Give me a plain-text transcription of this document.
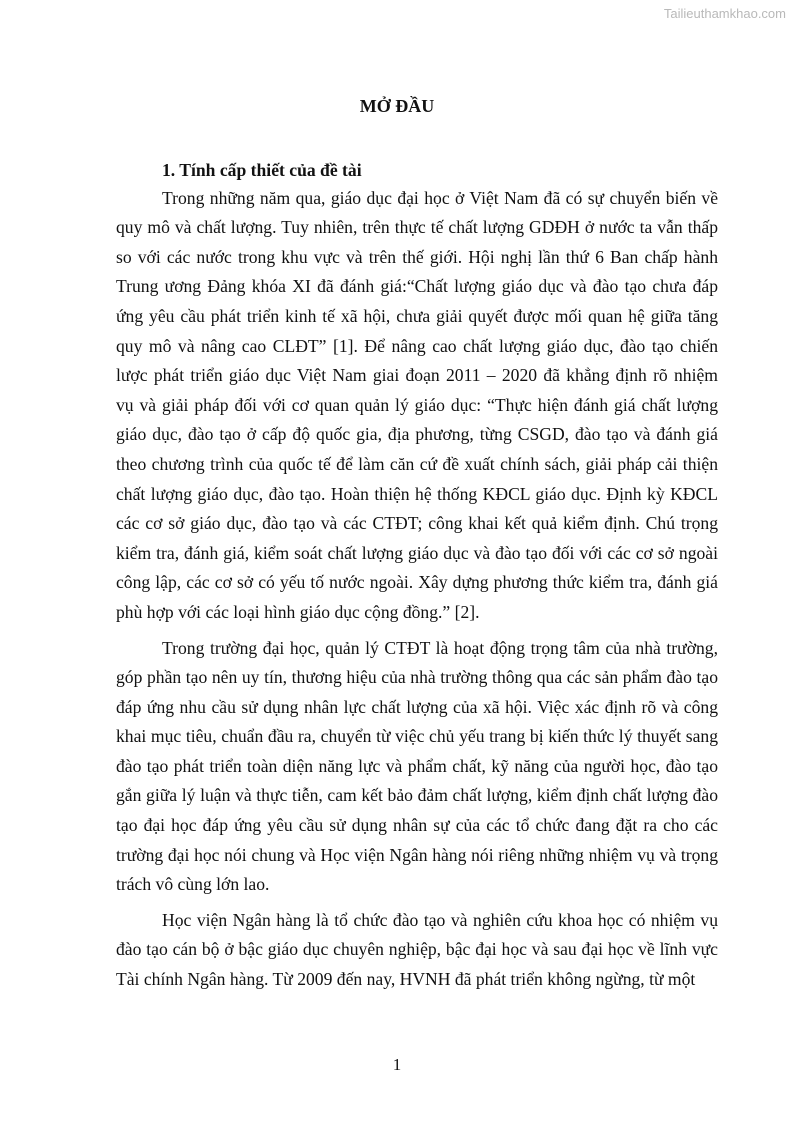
Tailieuthamkhao.com
MỞ ĐẦU
1. Tính cấp thiết của đề tài
Trong những năm qua, giáo dục đại học ở Việt Nam đã có sự chuyển biến về
quy mô và chất lượng. Tuy nhiên, trên thực tế chất lượng GDĐH ở nước ta vẫn thấp
so với các nước trong khu vực và trên thế giới. Hội nghị lần thứ 6 Ban chấp hành
Trung ương Đảng khóa XI đã đánh giá:“Chất lượng giáo dục và đào tạo chưa đáp
ứng yêu cầu phát triển kinh tế xã hội, chưa giải quyết được mối quan hệ giữa tăng
quy mô và nâng cao CLĐT” [1]. Để nâng cao chất lượng giáo dục, đào tạo chiến
lược phát triển giáo dục Việt Nam giai đoạn 2011 – 2020 đã khẳng định rõ nhiệm
vụ và giải pháp đối với cơ quan quản lý giáo dục: “Thực hiện đánh giá chất lượng
giáo dục, đào tạo ở cấp độ quốc gia, địa phương, từng CSGD, đào tạo và đánh giá
theo chương trình của quốc tế để làm căn cứ đề xuất chính sách, giải pháp cải thiện
chất lượng giáo dục, đào tạo. Hoàn thiện hệ thống KĐCL giáo dục. Định kỳ KĐCL
các cơ sở giáo dục, đào tạo và các CTĐT; công khai kết quả kiểm định. Chú trọng
kiểm tra, đánh giá, kiểm soát chất lượng giáo dục và đào tạo đối với các cơ sở ngoài
công lập, các cơ sở có yếu tố nước ngoài. Xây dựng phương thức kiểm tra, đánh giá
phù hợp với các loại hình giáo dục cộng đồng.” [2].
Trong trường đại học, quản lý CTĐT là hoạt động trọng tâm của nhà trường,
góp phần tạo nên uy tín, thương hiệu của nhà trường thông qua các sản phẩm đào tạo
đáp ứng nhu cầu sử dụng nhân lực chất lượng của xã hội. Việc xác định rõ và công
khai mục tiêu, chuẩn đầu ra, chuyển từ việc chủ yếu trang bị kiến thức lý thuyết sang
đào tạo phát triển toàn diện năng lực và phẩm chất, kỹ năng của người học, đào tạo
gắn giữa lý luận và thực tiễn, cam kết bảo đảm chất lượng, kiểm định chất lượng đào
tạo đại học đáp ứng yêu cầu sử dụng nhân sự của các tổ chức đang đặt ra cho các
trường đại học nói chung và Học viện Ngân hàng nói riêng những nhiệm vụ và trọng
trách vô cùng lớn lao.
Học viện Ngân hàng là tổ chức đào tạo và nghiên cứu khoa học có nhiệm vụ
đào tạo cán bộ ở bậc giáo dục chuyên nghiệp, bậc đại học và sau đại học về lĩnh vực
Tài chính Ngân hàng. Từ 2009 đến nay, HVNH đã phát triển không ngừng, từ một
1
